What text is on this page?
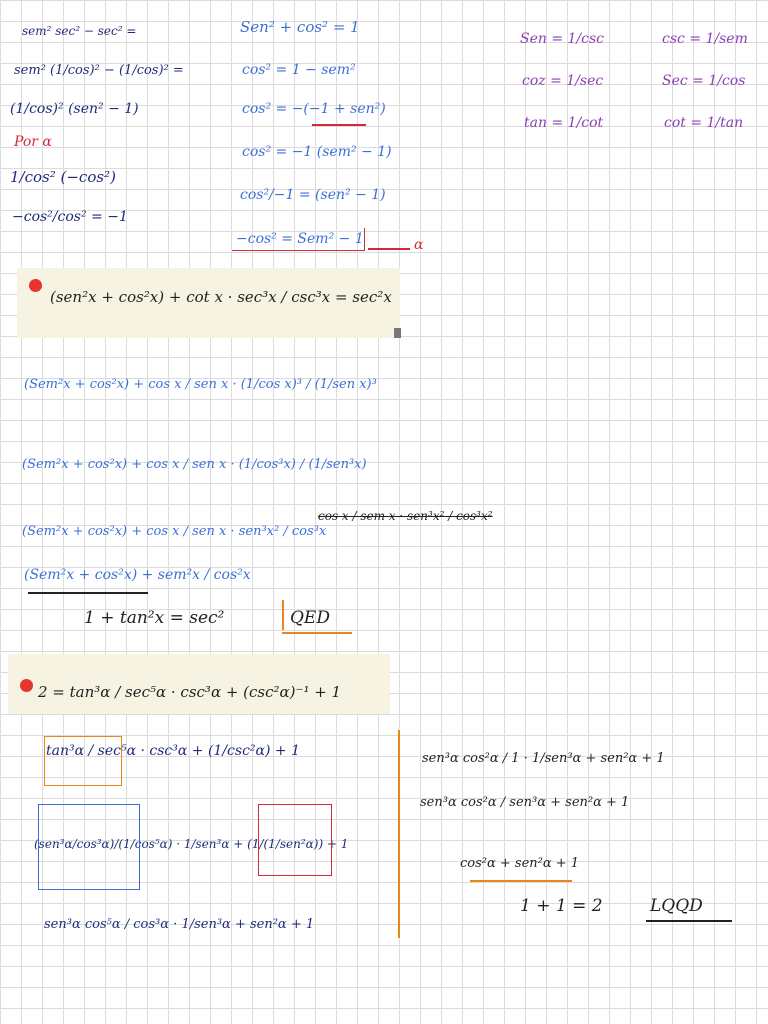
sem² sec² − sec² =
sem² (1/cos)² − (1/cos)² =
(1/cos)² (sen² − 1)
Por α
1/cos² (−cos²)
−cos²/cos² = −1
Sen² + cos² = 1
cos² = 1 − sem²
cos² = −(−1 + sen²)
cos² = −1 (sem² − 1)
cos²/−1 = (sen² − 1)
−cos² = Sem² − 1	α
Sen = 1/csc	csc = 1/sem
coz = 1/sec	Sec = 1/cos
tan = 1/cot	cot = 1/tan
(sen²x + cos²x) + cot x · sec³x / csc³x = sec²x
(Sem²x + cos²x) + cos x / sen x · (1/cos x)³ / (1/sen x)³
(Sem²x + cos²x) + cos x / sen x · (1/cos³x) / (1/sen³x)
(Sem²x + cos²x) + cos x / sen x · sen³x² / cos³x
cos x / sem x · sen³x² / cos³x²
(Sem²x + cos²x) + sem²x / cos²x
1 + tan²x = sec²	QED
2 = tan³α / sec⁵α · csc³α + (csc²α)⁻¹ + 1
tan³α / sec⁵α · csc³α + (1/csc²α) + 1
(sen³α/cos³α)/(1/cos⁵α) · 1/sen³α + (1/(1/sen²α)) + 1
sen³α cos⁵α / cos³α · 1/sen³α + sen²α + 1
sen³α cos²α / 1 · 1/sen³α + sen²α + 1
sen³α cos²α / sen³α + sen²α + 1
cos²α + sen²α + 1
1 + 1 = 2	LQQD
